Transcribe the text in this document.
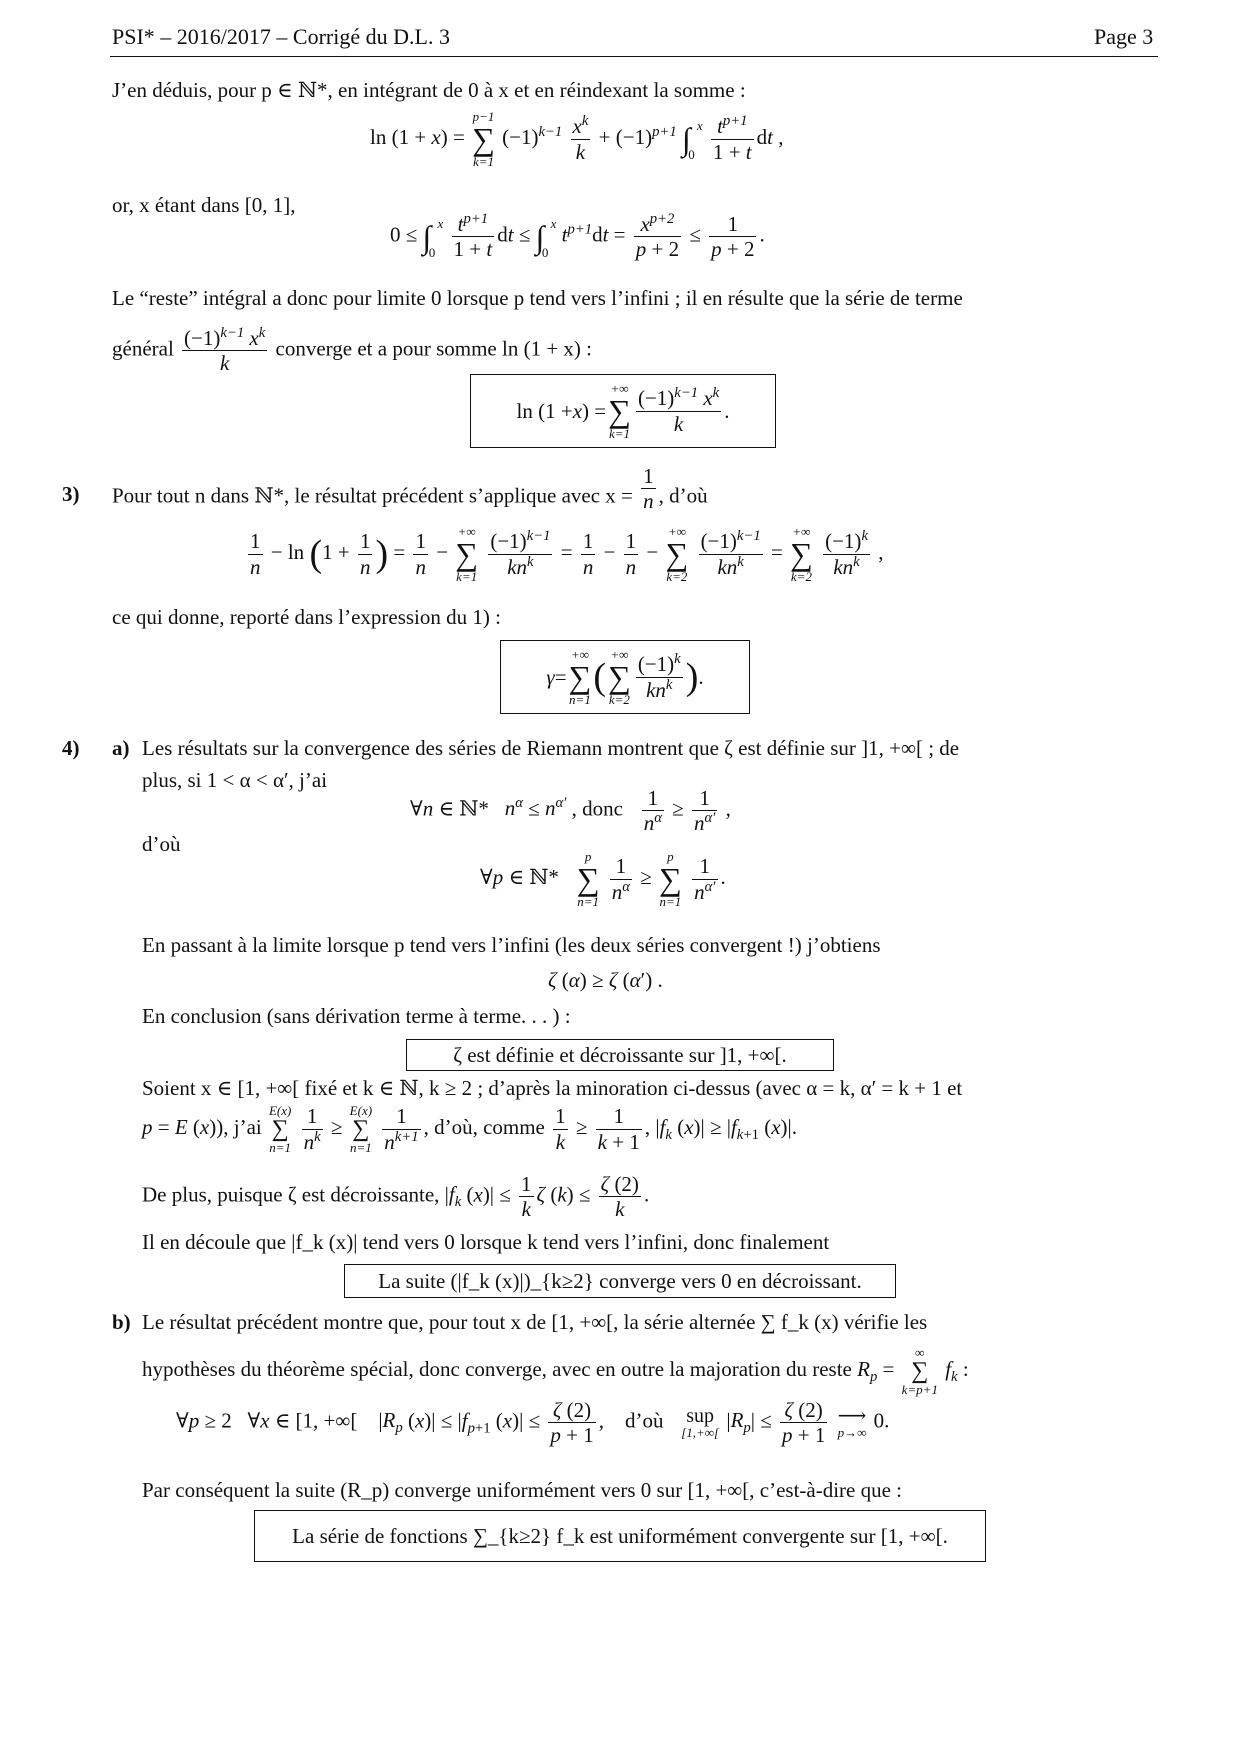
PSI* – 2016/2017 – Corrigé du D.L. 3	Page 3
J’en déduis, pour p ∈ ℕ*, en intégrant de 0 à x et en réindexant la somme :
ln (1 + x) =
p−1
∑
k=1
$(-1)^{k-1} \frac{x^k}{k} + (-1)^{p+1}$ ∫ x
0
$\frac{t^{p+1}}{1 + t}$ dt ,
or, x étant dans [0, 1],
0 ≤ ∫ x
0
$\frac{t^{p+1}}{1 + t}$ dt ≤ ∫ x
0
$t^{p+1}dt = \frac{x^{p+2}}{p + 2} \le \frac{1}{p + 2}$ .
Le “reste” intégral a donc pour limite 0 lorsque p tend vers l’infini ; il en résulte que la série de terme
général $\frac{(-1)^{k-1} x^k}{k}$ converge et a pour somme ln (1 + x) :
ln (1 + x ) =
+∞
∑
$k=1 \frac{(-1)^{k-1} x^k}{k}$ .
3) Pour tout n dans ℕ*, le résultat précédent s’applique avec $x = \frac{1}{n}$ , d’où
$\frac{1}{n} - \ln (1 + \frac{1}{n}$ ) = $\frac{1}{n}$ −
+∞
∑
k=1
$\frac{(-1)^{k-1}}{kn^k} = \frac{1}{n} - \frac{1}{n}$ −
+∞
∑
k=2
$\frac{(-1)^{k-1}}{kn^k}$ =
+∞
∑
k=2
$\frac{(-1)^k}{kn^k}$ ,
ce qui donne, reporté dans l’expression du 1) :
γ =
+∞
∑
n=1
(
+∞
∑
$k=2 \frac{(-1)^k}{kn^k}$ ) .
4) a) Les résultats sur la convergence des séries de Riemann montrent que ζ est définie sur ]1, +∞[ ; de
plus, si 1 < α < α′, j’ai
∀n ∈ ℕ*   $n^\alpha \le n^{\alpha'}$ , donc $\frac{1}{n^\alpha} \ge \frac{1}{n^{\alpha'}}$ ,
d’où
∀p ∈ ℕ*
p
∑
n=1
$\frac{1}{n^\alpha}$ ≥
p
∑
n=1
$\frac{1}{n^{\alpha'}}$ .
En passant à la limite lorsque p tend vers l’infini (les deux séries convergent !) j’obtiens
ζ (α) ≥ ζ (α′) .
En conclusion (sans dérivation terme à terme. . . ) :
ζ est définie et décroissante sur ]1, +∞[.
Soient x ∈ [1, +∞[ fixé et k ∈ ℕ, k ≥ 2 ; d’après la minoration ci-dessus (avec α = k, α′ = k + 1 et
p = E (x)), j’ai
E(x)
∑
n=1
$\frac{1}{n^k}$ ≥
E(x)
∑
n=1
$\frac{1}{n^{k+1}}$ , d’où, comme $\frac{1}{k} \ge \frac{1}{k + 1}$ , $|f_k$ $(x)| \ge |f_{k+1}$ (x)|.
De plus, puisque ζ est décroissante, $|f_k$ $(x)| \le \frac{1}{k}$ ζ $(k) \le \frac{\zeta (2)}{k}$ .
Il en découle que |f_k (x)| tend vers 0 lorsque k tend vers l’infini, donc finalement
La suite (|f_k (x)|)_{k≥2} converge vers 0 en décroissant.
b) Le résultat précédent montre que, pour tout x de [1, +∞[, la série alternée ∑ f_k (x) vérifie les
hypothèses du théorème spécial, donc converge, avec en outre la majoration du reste $R_p$ =
∞
∑
k=p+1
$f_k$ :
∀p ≥ 2   ∀x ∈ [1, +∞[    $|R_p$ $(x)| \le |f_{p+1}$ $(x)| \le \frac{\zeta (2)}{p + 1}$ ,    d’où sup
[1,+∞[
$|R_p| \le \frac{\zeta (2)}{p + 1}$
⟶
p→∞
0.
Par conséquent la suite (R_p) converge uniformément vers 0 sur [1, +∞[, c’est-à-dire que :
La série de fonctions ∑_{k≥2} f_k est uniformément convergente sur [1, +∞[.
